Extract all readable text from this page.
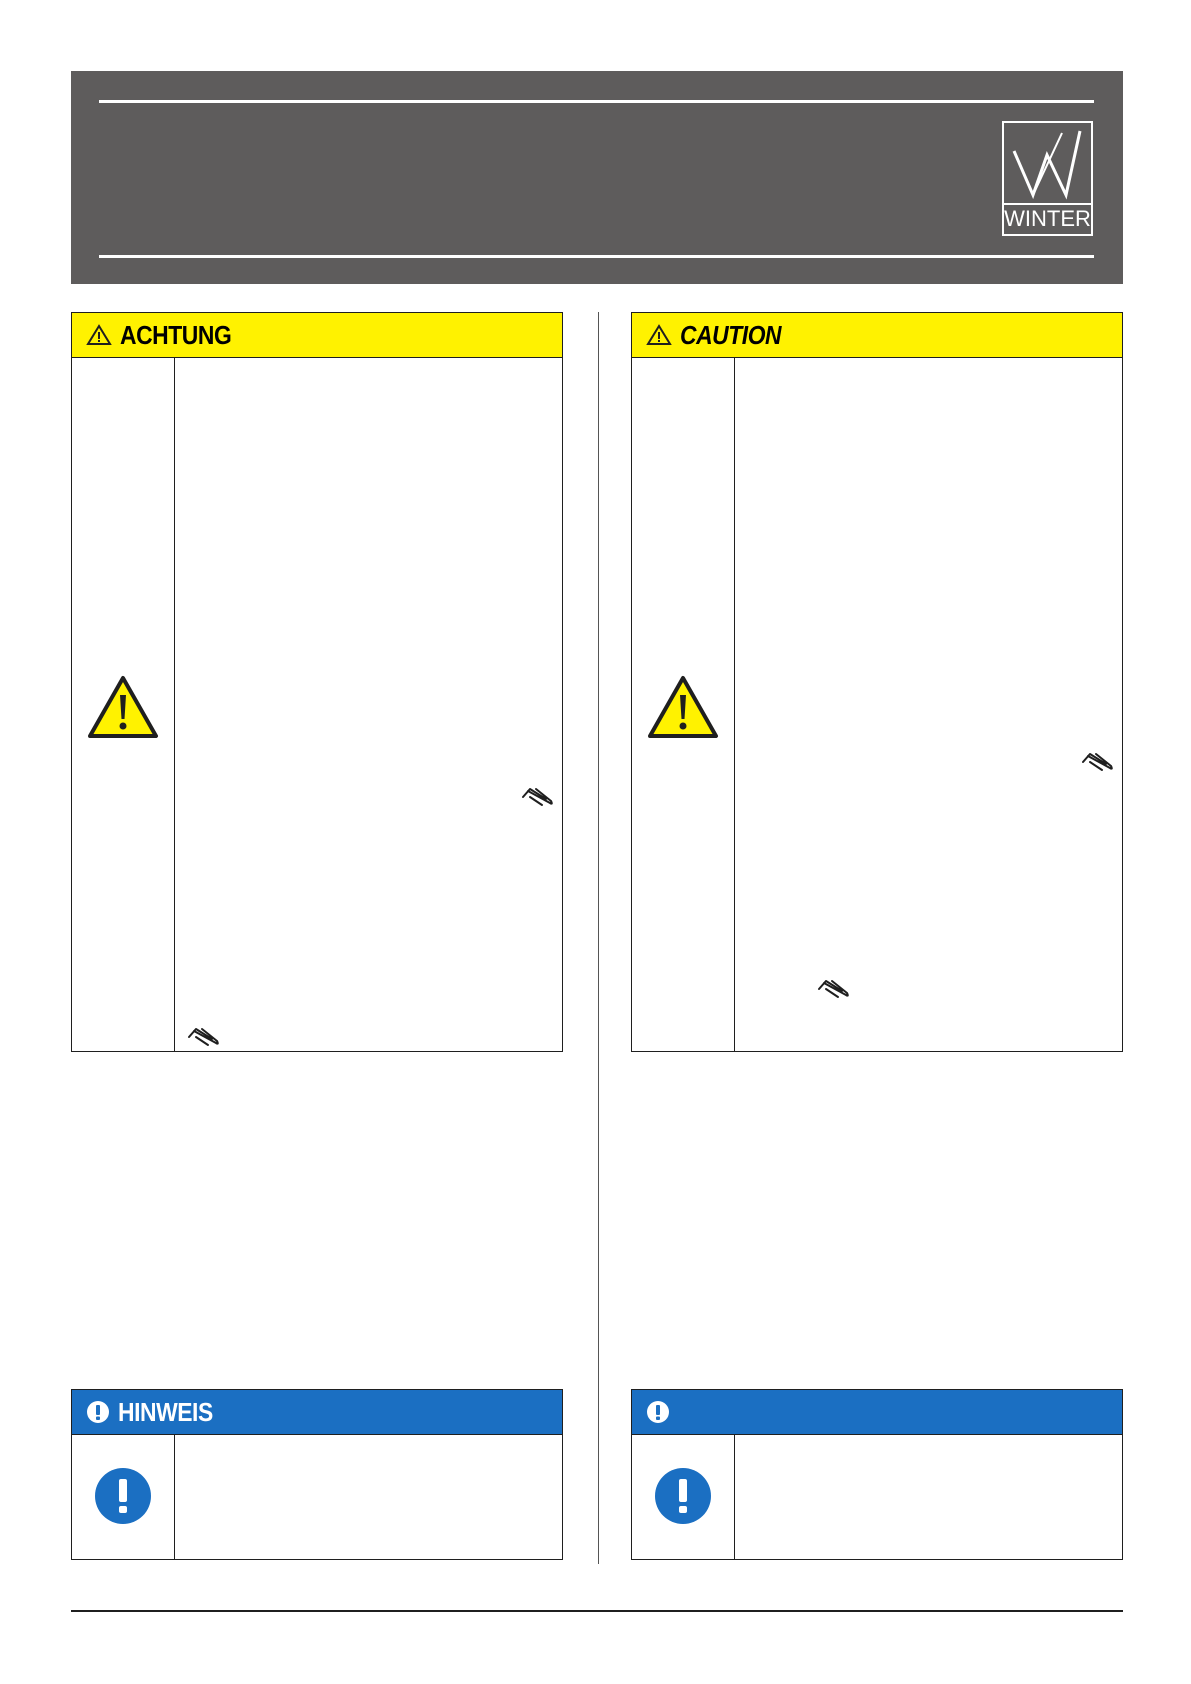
WINTER
ACHTUNG	CAUTION
HINWEIS
